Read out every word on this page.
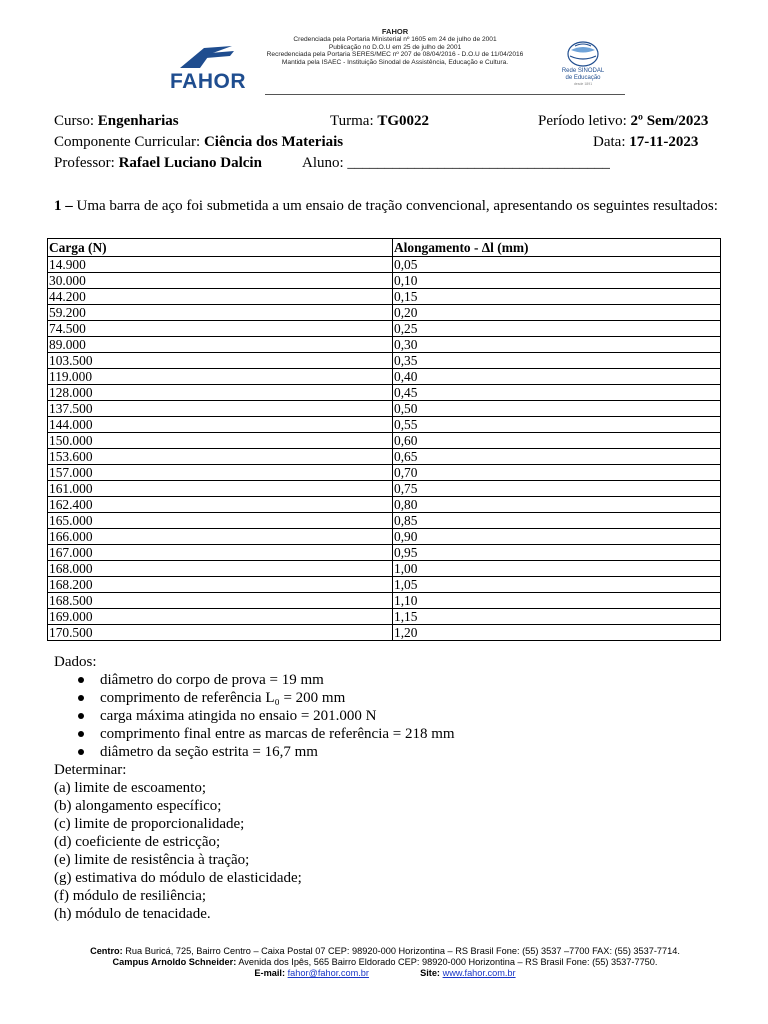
FAHOR
FAHOR
Credenciada pela Portaria Ministerial nº 1605 em 24 de julho de 2001
Publicação no D.O.U em 25 de julho de 2001
Recredenciada pela Portaria SERES/MEC nº 207 de 08/04/2016 - D.O.U de 11/04/2016
Mantida pela ISAEC - Instituição Sinodal de Assistência, Educação e Cultura.
Rede SINODAL
de Educação
desde 1891
Curso: Engenharias	Turma: TG0022	Período letivo: 2º Sem/2023
Componente Curricular: Ciência dos Materiais	Data: 17-11-2023
Professor: Rafael Luciano Dalcin	Aluno: ___________________________________
1 – Uma barra de aço foi submetida a um ensaio de tração convencional, apresentando os seguintes resultados:
Carga (N)	Alongamento - Δl (mm)
14.900	0,05
30.000	0,10
44.200	0,15
59.200	0,20
74.500	0,25
89.000	0,30
103.500	0,35
119.000	0,40
128.000	0,45
137.500	0,50
144.000	0,55
150.000	0,60
153.600	0,65
157.000	0,70
161.000	0,75
162.400	0,80
165.000	0,85
166.000	0,90
167.000	0,95
168.000	1,00
168.200	1,05
168.500	1,10
169.000	1,15
170.500	1,20
Dados:
diâmetro do corpo de prova = 19 mm
comprimento de referência L₀ = 200 mm
carga máxima atingida no ensaio = 201.000 N
comprimento final entre as marcas de referência = 218 mm
diâmetro da seção estrita = 16,7 mm
Determinar:
(a) limite de escoamento;
(b) alongamento específico;
(c) limite de proporcionalidade;
(d) coeficiente de estricção;
(e) limite de resistência à tração;
(g) estimativa do módulo de elasticidade;
(f) módulo de resiliência;
(h) módulo de tenacidade.
Centro: Rua Buricá, 725, Bairro Centro – Caixa Postal 07 CEP: 98920-000 Horizontina – RS Brasil Fone: (55) 3537 –7700 FAX: (55) 3537-7714.
Campus Arnoldo Schneider: Avenida dos Ipês, 565 Bairro Eldorado CEP: 98920-000 Horizontina – RS Brasil Fone: (55) 3537-7750.
E-mail: fahor@fahor.com.br	Site: www.fahor.com.br
